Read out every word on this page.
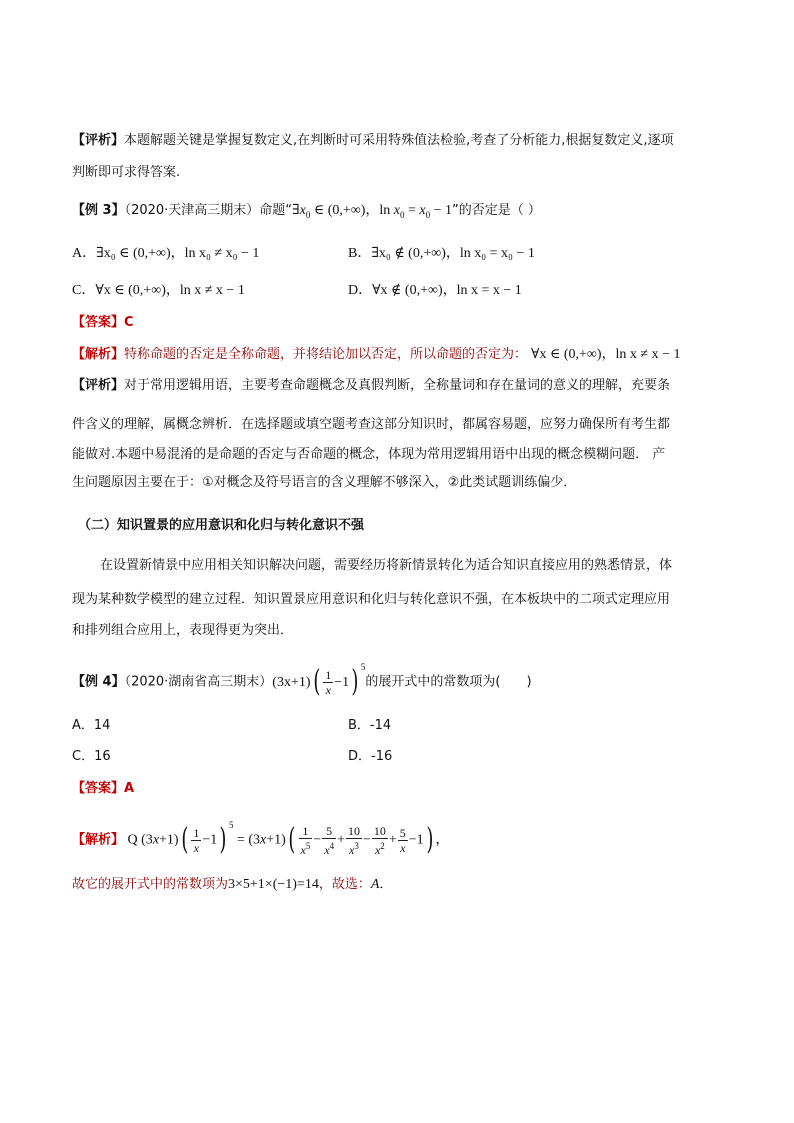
【评析】本题解题关键是掌握复数定义,在判断时可采用特殊值法检验,考查了分析能力,根据复数定义,逐项
判断即可求得答案.
【例 3】（2020·天津高三期末）命题“$\exists x_0$ ∈ (0,+∞)，$\ln x_0 = x_0 - 1$”的否定是（ ）
A．∃x₀ ∈ (0,+∞)，ln x₀ ≠ x₀ − 1	B．∃x₀ ∉ (0,+∞)，ln x₀ = x₀ − 1
C．∀x ∈ (0,+∞)，ln x ≠ x − 1	D．∀x ∉ (0,+∞)，ln x = x − 1
【答案】C
【解析】特称命题的否定是全称命题，并将结论加以否定，所以命题的否定为： ∀x ∈ (0,+∞)，ln x ≠ x − 1
【评析】对于常用逻辑用语，主要考查命题概念及真假判断，全称量词和存在量词的意义的理解，充要条
件含义的理解，属概念辨析．在选择题或填空题考查这部分知识时，都属容易题，应努力确保所有考生都
能做对.本题中易混淆的是命题的否定与否命题的概念，体现为常用逻辑用语中出现的概念模糊问题． 产
生问题原因主要在于：①对概念及符号语言的含义理解不够深入，②此类试题训练偏少．
（二）知识置景的应用意识和化归与转化意识不强
在设置新情景中应用相关知识解决问题，需要经历将新情景转化为适合知识直接应用的熟悉情景，体
现为某种数学模型的建立过程．知识置景应用意识和化归与转化意识不强，在本板块中的二项式定理应用
和排列组合应用上，表现得更为突出．
【例 4】（2020·湖南省高三期末）$(3x+1)( \frac{1}{x} -1)$ $^5$的展开式中的常数项为(　　)
A．14	B．-14
C．16	D．-16
【答案】A
【解析】 Q $(3x+1)( \frac{1}{x} -1)$ $^5 = (3x+1)( \frac{1}{x^5} - \frac{5}{x^4} + \frac{10}{x^3} - \frac{10}{x^2} + \frac{5}{x} -1)$ ，
故它的展开式中的常数项为3×5+1×(−1)=14，故选：A．
